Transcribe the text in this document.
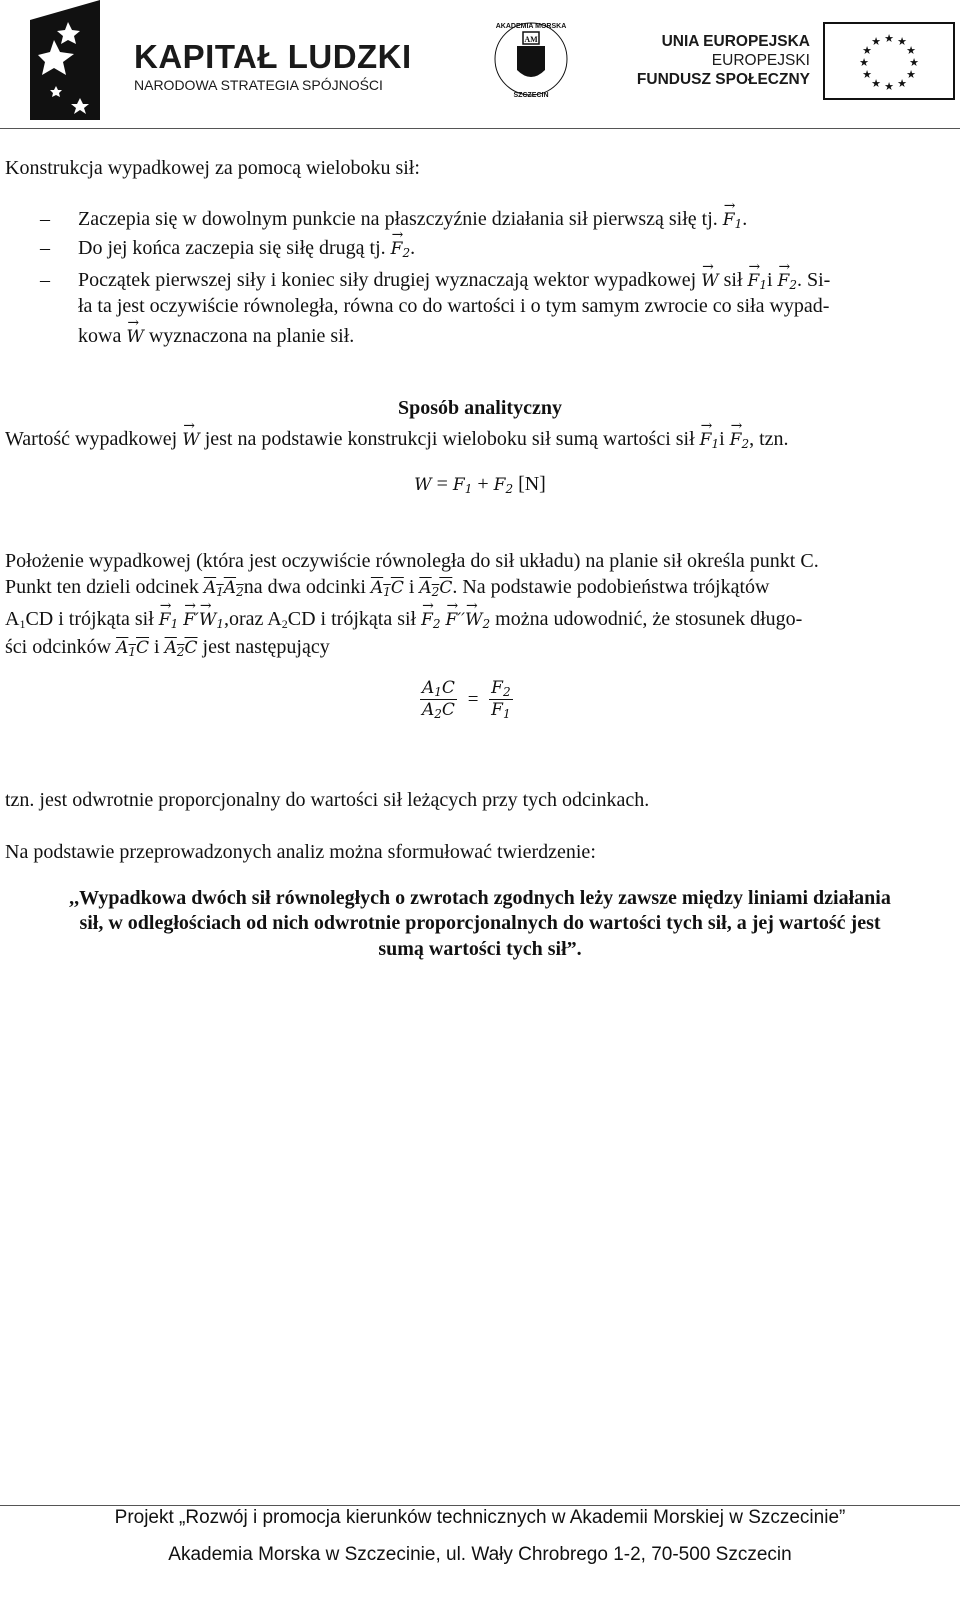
KAPITAŁ LUDZKI
NARODOWA STRATEGIA SPÓJNOŚCI
AM
AKADEMIA MORSKA
SZCZECIN
UNIA EUROPEJSKA
EUROPEJSKI
FUNDUSZ SPOŁECZNY
★ ★
★
★
★
★
★
★
★
★
★
★
Konstrukcja wypadkowej za pomocą wieloboku sił:
– Zaczepia się w dowolnym punkcie na płaszczyźnie działania sił pierwszą siłę tj. → $F_1$.
– Do jej końca zaczepia się siłę drugą tj. → $F_2$.
– Początek pierwszej siły i koniec siły drugiej wyznaczają wektor wypadkowej → W sił → $F_1i \to F_2$. Si-
ła ta jest oczywiście równoległa, równa co do wartości i o tym samym zwrocie co siła wypad-
kowa → W wyznaczona na planie sił.
Sposób analityczny
Wartość wypadkowej → W jest na podstawie konstrukcji wieloboku sił sumą wartości sił → $F_1i \to F_2$, tzn.
$W = F_1 + F_2$ [N]
Położenie wypadkowej (która jest oczywiście równoległa do sił układu) na planie sił określa punkt C.
Punkt ten dzieli odcinek $A_1A_2na$ dwa odcinki $A_1C$ i $A_2C$. Na podstawie podobieństwa trójkątów
$A_1CD$ i trójkąta sił → $F_1 \to F'\to$ $W_1,oraz$ $A_2CD$ i trójkąta sił → $F_2 \to F''\to W_2$ można udowodnić, że stosunek długo-
ści odcinków $A_1C$ i $A_2C$ jest następujący
$\frac{A_1C}{A_2C} = \frac{F_2}{F_1}$
tzn. jest odwrotnie proporcjonalny do wartości sił leżących przy tych odcinkach.
Na podstawie przeprowadzonych analiz można sformułować twierdzenie:
,,Wypadkowa dwóch sił równoległych o zwrotach zgodnych leży zawsze między liniami działania
sił, w odległościach od nich odwrotnie proporcjonalnych do wartości tych sił, a jej wartość jest
sumą wartości tych sił”.
Projekt „Rozwój i promocja kierunków technicznych w Akademii Morskiej w Szczecinie”
Akademia Morska w Szczecinie, ul. Wały Chrobrego 1-2, 70-500 Szczecin
